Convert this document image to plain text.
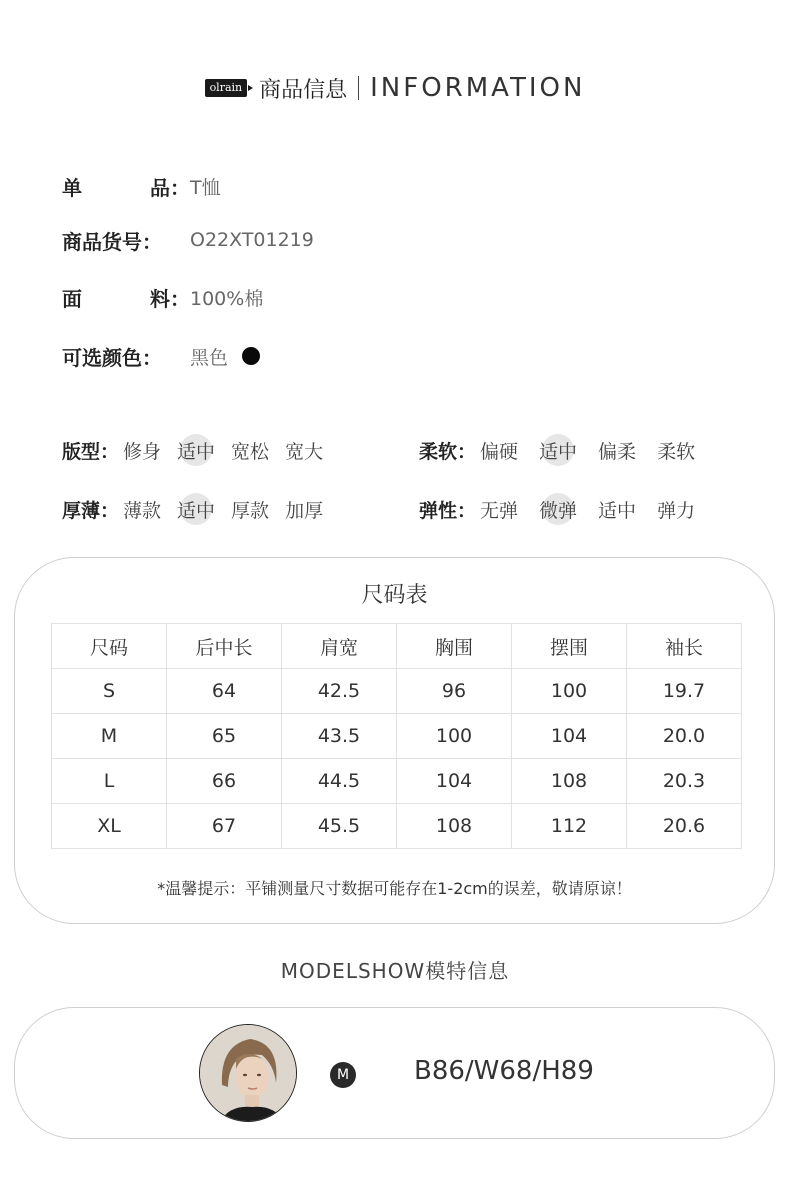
olrain 商品信息 INFORMATION
单	品： T恤
商品货号：	O22XT01219
面	料： 100%棉
可选颜色：	黑色
版型： 修身 适中 宽松 宽大	柔软： 偏硬 适中 偏柔 柔软
厚薄： 薄款 适中 厚款 加厚	弹性： 无弹 微弹 适中 弹力
尺码表
尺码	后中长	肩宽	胸围	摆围	袖长
S	64	42.5	96	100	19.7
M	65	43.5	100	104	20.0
L	66	44.5	104	108	20.3
XL	67	45.5	108	112	20.6
*温馨提示：平铺测量尺寸数据可能存在1-2cm的误差，敬请原谅！
MODELSHOW模特信息
M B86/W68/H89
